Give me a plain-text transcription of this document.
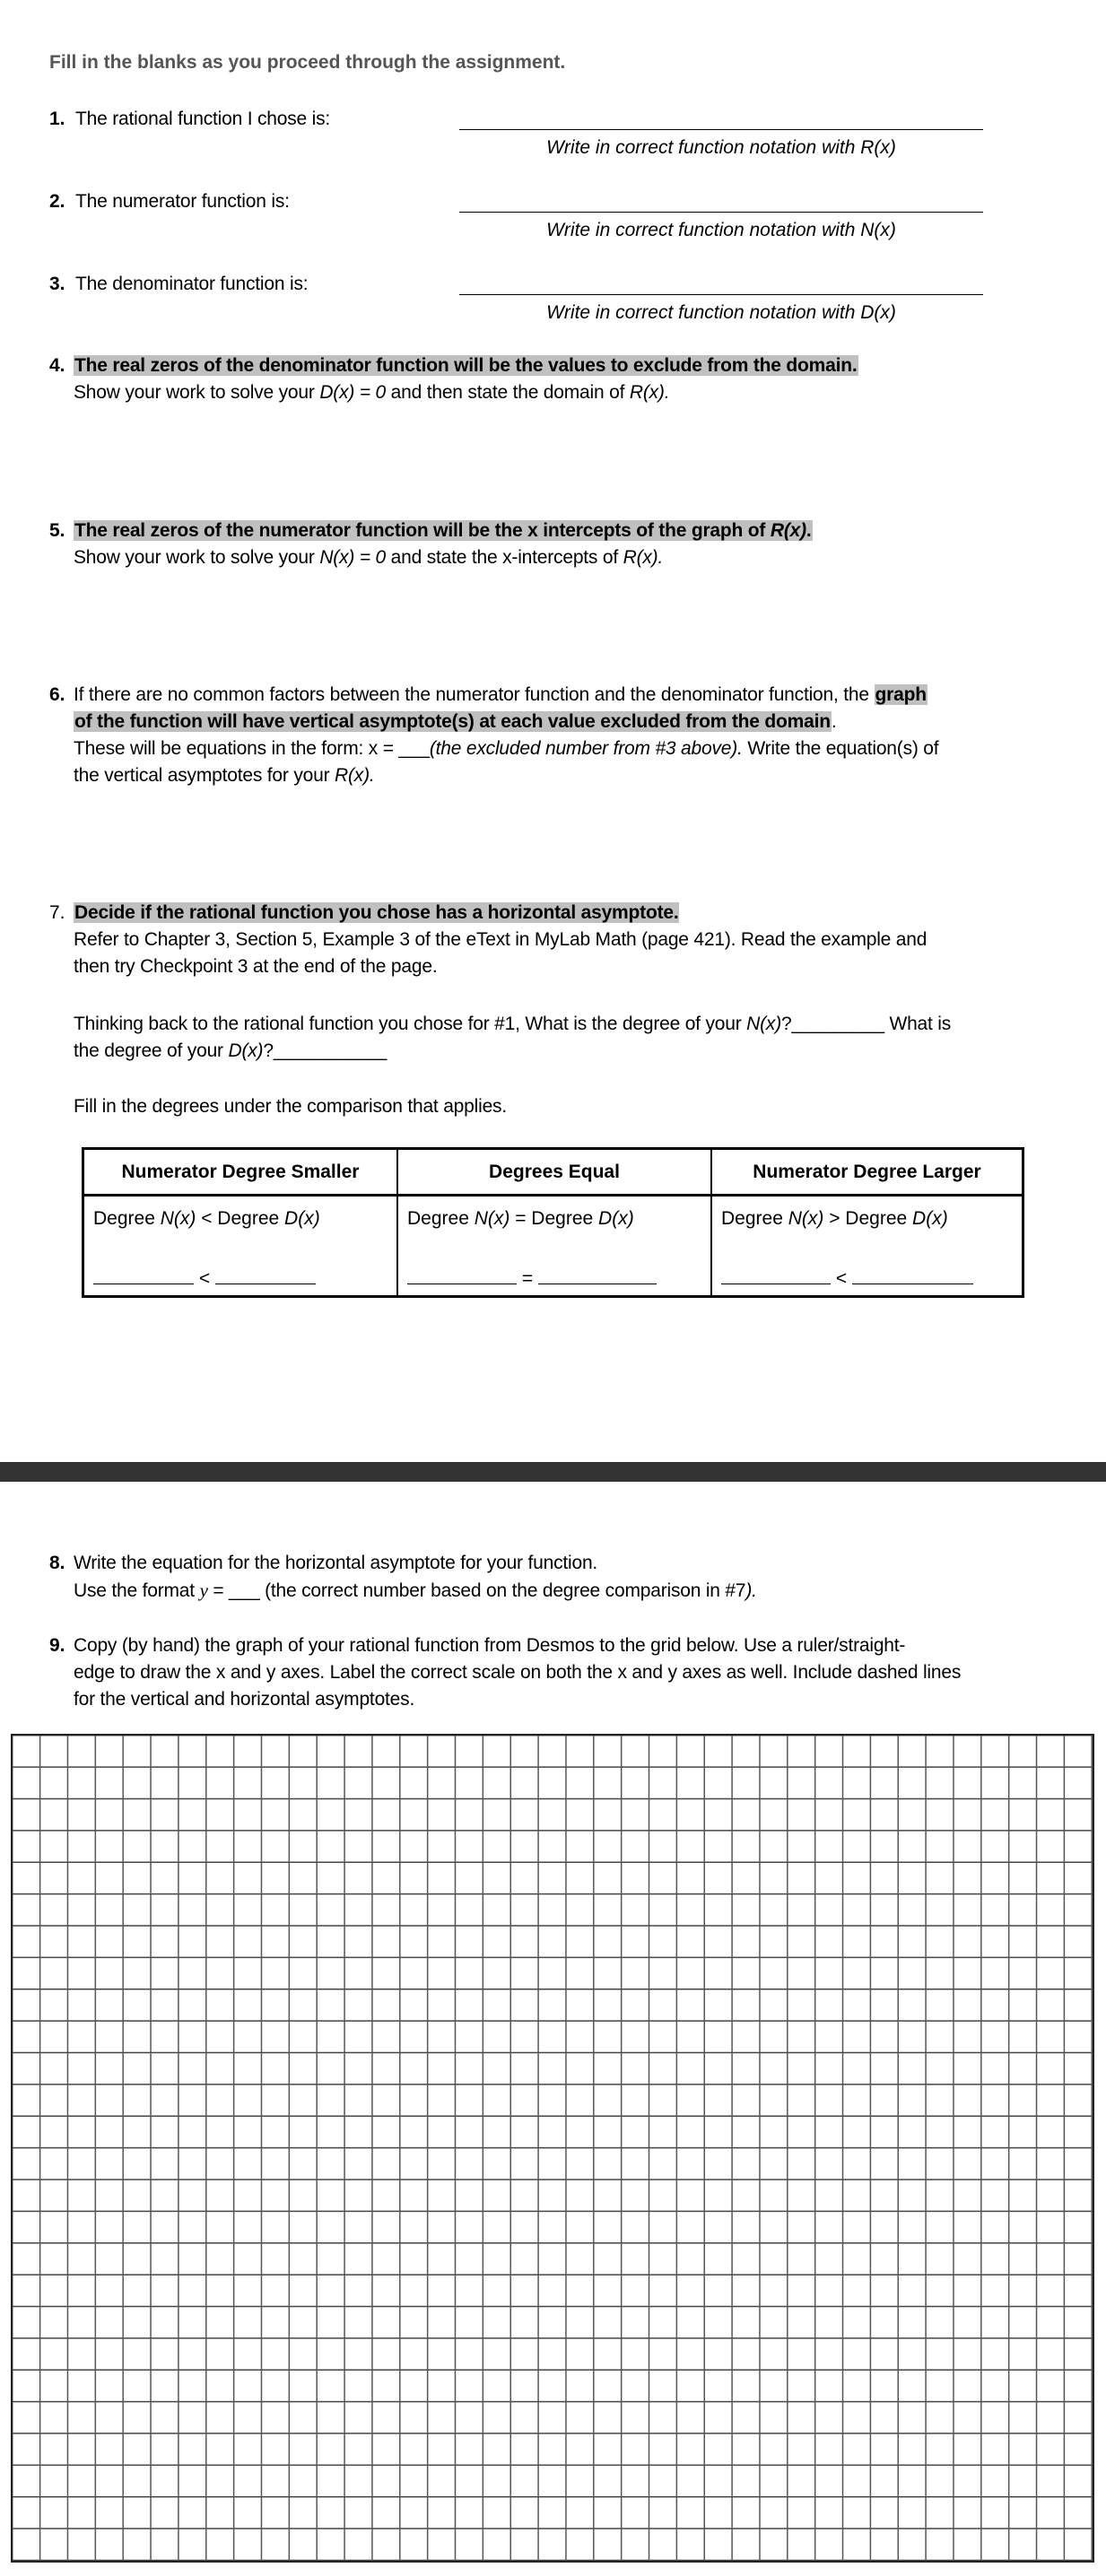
Fill in the blanks as you proceed through the assignment.
1. The rational function I chose is:
Write in correct function notation with R(x)
2. The numerator function is:
Write in correct function notation with N(x)
3. The denominator function is:
Write in correct function notation with D(x)
4. The real zeros of the denominator function will be the values to exclude from the domain.
Show your work to solve your D(x) = 0 and then state the domain of R(x).
5. The real zeros of the numerator function will be the x intercepts of the graph of R(x).
Show your work to solve your N(x) = 0 and state the x-intercepts of R(x).
6. If there are no common factors between the numerator function and the denominator function, the graph
of the function will have vertical asymptote(s) at each value excluded from the domain.
These will be equations in the form: x = ___(the excluded number from #3 above). Write the equation(s) of
the vertical asymptotes for your R(x).
7. Decide if the rational function you chose has a horizontal asymptote.
Refer to Chapter 3, Section 5, Example 3 of the eText in MyLab Math (page 421). Read the example and
then try Checkpoint 3 at the end of the page.
Thinking back to the rational function you chose for #1, What is the degree of your N(x)?_________ What is
the degree of your D(x)?___________
Fill in the degrees under the comparison that applies.
Numerator Degree Smaller	Degrees Equal	Numerator Degree Larger
Degree N(x) < Degree D(x)
<
Degree N(x) = Degree D(x)
=
Degree N(x) > Degree D(x)
<
8. Write the equation for the horizontal asymptote for your function.
Use the format y = ___ (the correct number based on the degree comparison in #7).
9. Copy (by hand) the graph of your rational function from Desmos to the grid below. Use a ruler/straight-
edge to draw the x and y axes. Label the correct scale on both the x and y axes as well. Include dashed lines
for the vertical and horizontal asymptotes.
